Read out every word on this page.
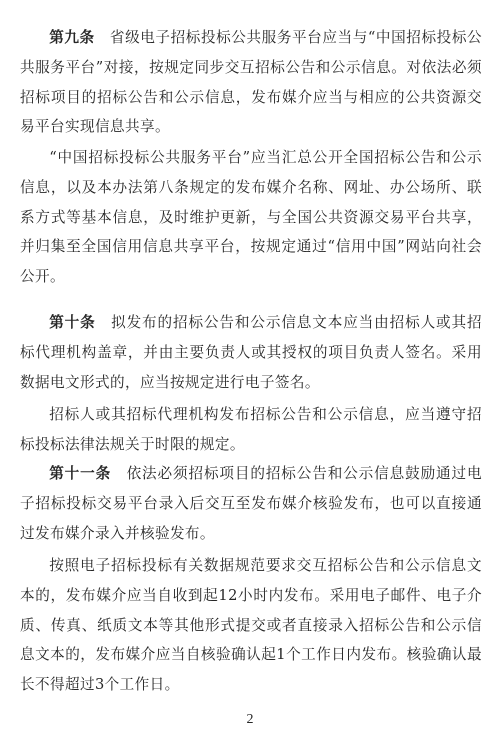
第九条　省级电子招标投标公共服务平台应当与“中国招标投标公共服务平台”对接，按规定同步交互招标公告和公示信息。对依法必须招标项目的招标公告和公示信息，发布媒介应当与相应的公共资源交易平台实现信息共享。

“中国招标投标公共服务平台”应当汇总公开全国招标公告和公示信息，以及本办法第八条规定的发布媒介名称、网址、办公场所、联系方式等基本信息，及时维护更新，与全国公共资源交易平台共享，并归集至全国信用信息共享平台，按规定通过“信用中国”网站向社会公开。

第十条　拟发布的招标公告和公示信息文本应当由招标人或其招标代理机构盖章，并由主要负责人或其授权的项目负责人签名。采用数据电文形式的，应当按规定进行电子签名。

招标人或其招标代理机构发布招标公告和公示信息，应当遵守招标投标法律法规关于时限的规定。

第十一条　依法必须招标项目的招标公告和公示信息鼓励通过电子招标投标交易平台录入后交互至发布媒介核验发布，也可以直接通过发布媒介录入并核验发布。

按照电子招标投标有关数据规范要求交互招标公告和公示信息文本的，发布媒介应当自收到起12小时内发布。采用电子邮件、电子介质、传真、纸质文本等其他形式提交或者直接录入招标公告和公示信息文本的，发布媒介应当自核验确认起1个工作日内发布。核验确认最长不得超过3个工作日。

2
